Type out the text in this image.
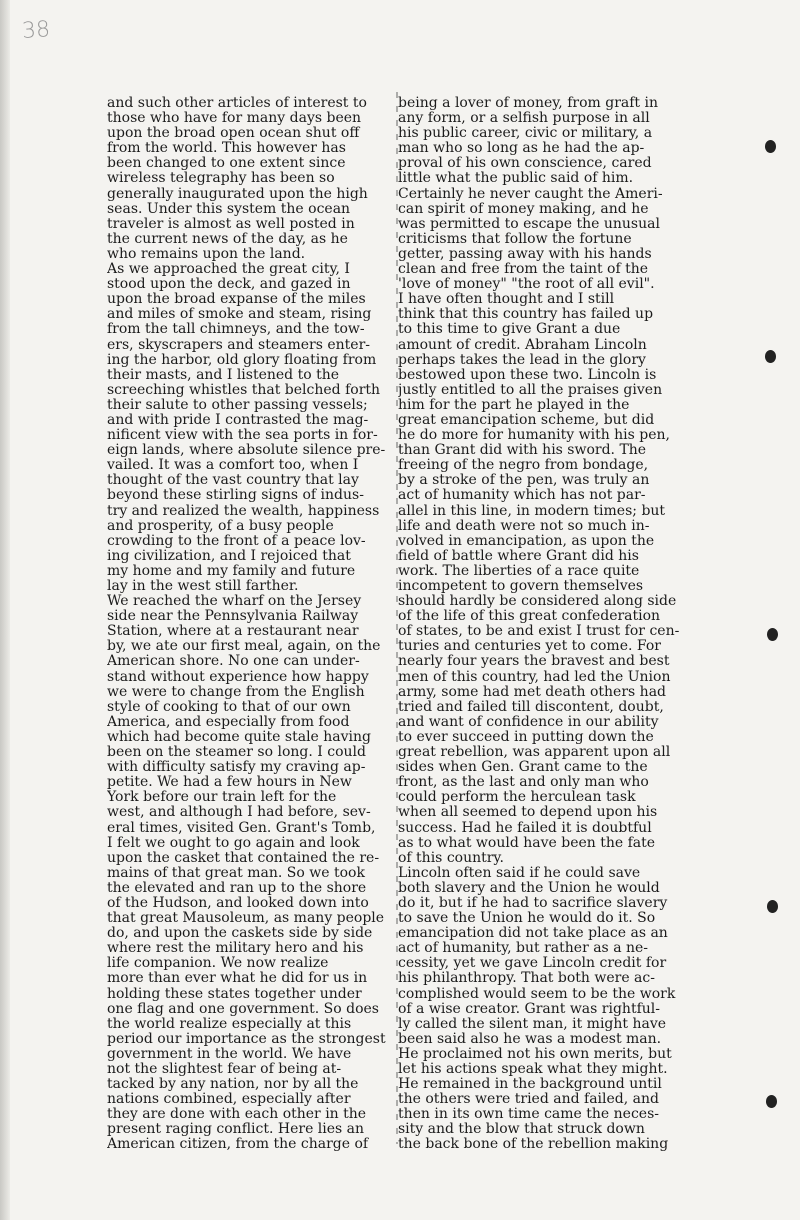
38
and such other articles of interest to
those who have for many days been
upon the broad open ocean shut off
from the world. This however has
been changed to one extent since
wireless telegraphy has been so
generally inaugurated upon the high
seas. Under this system the ocean
traveler is almost as well posted in
the current news of the day, as he
who remains upon the land.
As we approached the great city, I
stood upon the deck, and gazed in
upon the broad expanse of the miles
and miles of smoke and steam, rising
from the tall chimneys, and the tow-
ers, skyscrapers and steamers enter-
ing the harbor, old glory floating from
their masts, and I listened to the
screeching whistles that belched forth
their salute to other passing vessels;
and with pride I contrasted the mag-
nificent view with the sea ports in for-
eign lands, where absolute silence pre-
vailed. It was a comfort too, when I
thought of the vast country that lay
beyond these stirling signs of indus-
try and realized the wealth, happiness
and prosperity, of a busy people
crowding to the front of a peace lov-
ing civilization, and I rejoiced that
my home and my family and future
lay in the west still farther.
We reached the wharf on the Jersey
side near the Pennsylvania Railway
Station, where at a restaurant near
by, we ate our first meal, again, on the
American shore. No one can under-
stand without experience how happy
we were to change from the English
style of cooking to that of our own
America, and especially from food
which had become quite stale having
been on the steamer so long. I could
with difficulty satisfy my craving ap-
petite. We had a few hours in New
York before our train left for the
west, and although I had before, sev-
eral times, visited Gen. Grant's Tomb,
I felt we ought to go again and look
upon the casket that contained the re-
mains of that great man. So we took
the elevated and ran up to the shore
of the Hudson, and looked down into
that great Mausoleum, as many people
do, and upon the caskets side by side
where rest the military hero and his
life companion. We now realize
more than ever what he did for us in
holding these states together under
one flag and one government. So does
the world realize especially at this
period our importance as the strongest
government in the world. We have
not the slightest fear of being at-
tacked by any nation, nor by all the
nations combined, especially after
they are done with each other in the
present raging conflict. Here lies an
American citizen, from the charge of
being a lover of money, from graft in
any form, or a selfish purpose in all
his public career, civic or military, a
man who so long as he had the ap-
proval of his own conscience, cared
little what the public said of him.
Certainly he never caught the Ameri-
can spirit of money making, and he
was permitted to escape the unusual
criticisms that follow the fortune
getter, passing away with his hands
clean and free from the taint of the
'love of money" "the root of all evil".
I have often thought and I still
think that this country has failed up
to this time to give Grant a due
amount of credit. Abraham Lincoln
perhaps takes the lead in the glory
bestowed upon these two. Lincoln is
justly entitled to all the praises given
him for the part he played in the
great emancipation scheme, but did
he do more for humanity with his pen,
than Grant did with his sword. The
freeing of the negro from bondage,
by a stroke of the pen, was truly an
act of humanity which has not par-
allel in this line, in modern times; but
life and death were not so much in-
volved in emancipation, as upon the
field of battle where Grant did his
work. The liberties of a race quite
incompetent to govern themselves
should hardly be considered along side
of the life of this great confederation
of states, to be and exist I trust for cen-
turies and centuries yet to come. For
nearly four years the bravest and best
men of this country, had led the Union
army, some had met death others had
tried and failed till discontent, doubt,
and want of confidence in our ability
to ever succeed in putting down the
great rebellion, was apparent upon all
sides when Gen. Grant came to the
front, as the last and only man who
could perform the herculean task
when all seemed to depend upon his
success. Had he failed it is doubtful
as to what would have been the fate
of this country.
Lincoln often said if he could save
both slavery and the Union he would
do it, but if he had to sacrifice slavery
to save the Union he would do it. So
emancipation did not take place as an
act of humanity, but rather as a ne-
cessity, yet we gave Lincoln credit for
his philanthropy. That both were ac-
complished would seem to be the work
of a wise creator. Grant was rightful-
ly called the silent man, it might have
been said also he was a modest man.
He proclaimed not his own merits, but
let his actions speak what they might.
He remained in the background until
the others were tried and failed, and
then in its own time came the neces-
sity and the blow that struck down
the back bone of the rebellion making
